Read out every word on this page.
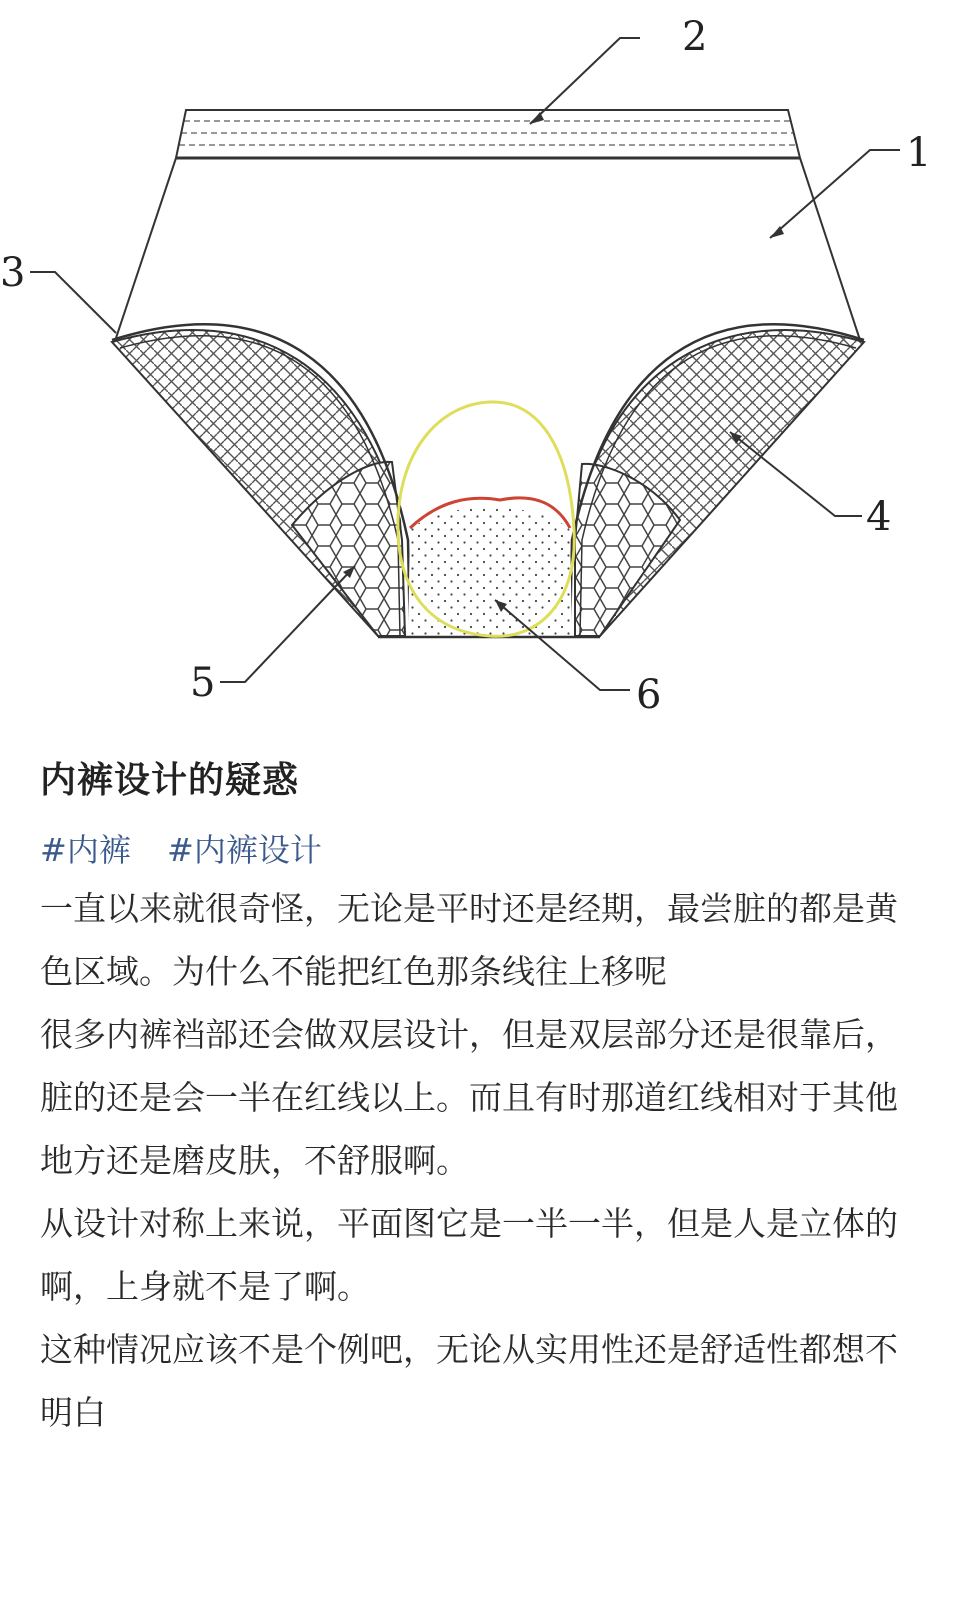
2
1
3
4
5	6
内裤设计的疑惑
#内裤 #内裤设计

一直以来就很奇怪，无论是平时还是经期，最尝脏的都是黄色区域。为什么不能把红色那条线往上移呢

很多内裤裆部还会做双层设计，但是双层部分还是很靠后，脏的还是会一半在红线以上。而且有时那道红线相对于其他地方还是磨皮肤，不舒服啊。

从设计对称上来说，平面图它是一半一半，但是人是立体的啊，上身就不是了啊。

这种情况应该不是个例吧，无论从实用性还是舒适性都想不明白
